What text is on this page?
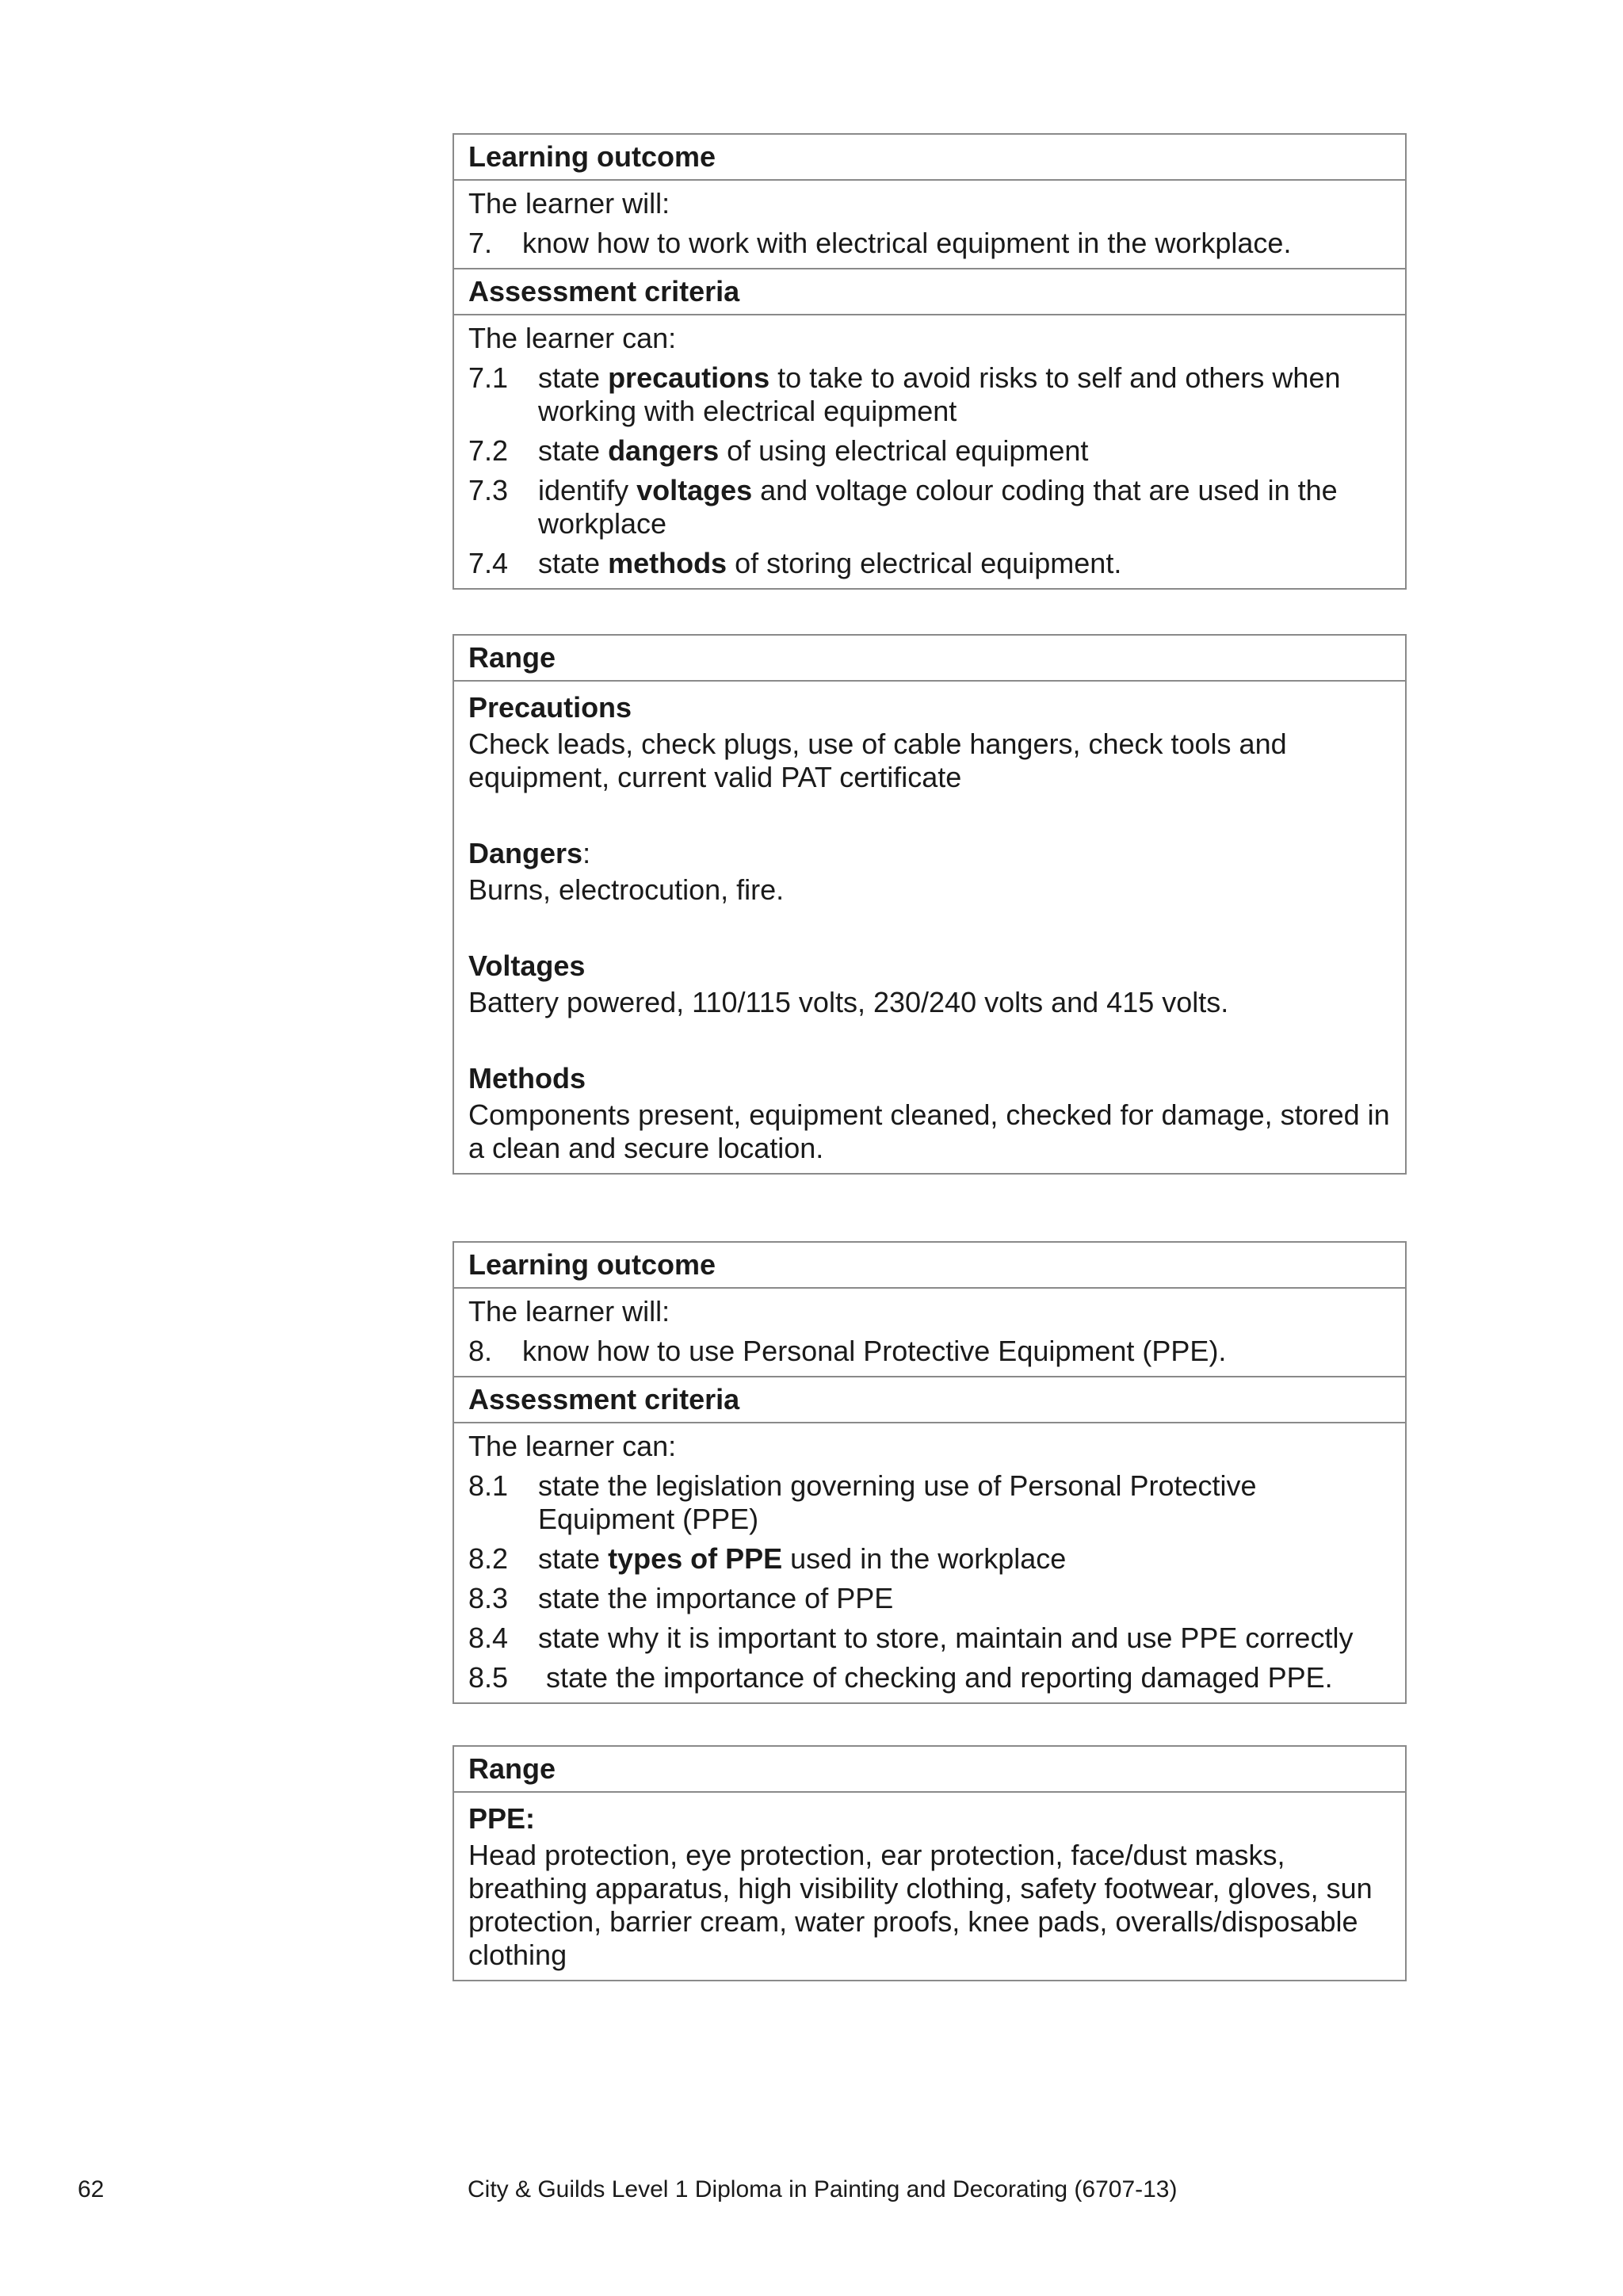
Learning outcome
The learner will:
7.	know how to work with electrical equipment in the workplace.
Assessment criteria
The learner can:
7.1	state precautions to take to avoid risks to self and others when working with electrical equipment
7.2	state dangers of using electrical equipment
7.3	identify voltages and voltage colour coding that are used in the workplace
7.4	state methods of storing electrical equipment.
Range
Precautions
Check leads, check plugs, use of cable hangers, check tools and equipment, current valid PAT certificate
Dangers:
Burns, electrocution, fire.
Voltages
Battery powered, 110/115 volts, 230/240 volts and 415 volts.
Methods
Components present, equipment cleaned, checked for damage, stored in a clean and secure location.
Learning outcome
The learner will:
8.	know how to use Personal Protective Equipment (PPE).
Assessment criteria
The learner can:
8.1	state the legislation governing use of Personal Protective Equipment (PPE)
8.2	state types of PPE used in the workplace
8.3	state the importance of PPE
8.4	state why it is important to store, maintain and use PPE correctly
8.5	state the importance of checking and reporting damaged PPE.
Range
PPE:
Head protection, eye protection, ear protection, face/dust masks, breathing apparatus, high visibility clothing, safety footwear, gloves, sun protection, barrier cream, water proofs, knee pads, overalls/disposable clothing
62	City & Guilds Level 1 Diploma in Painting and Decorating (6707-13)
